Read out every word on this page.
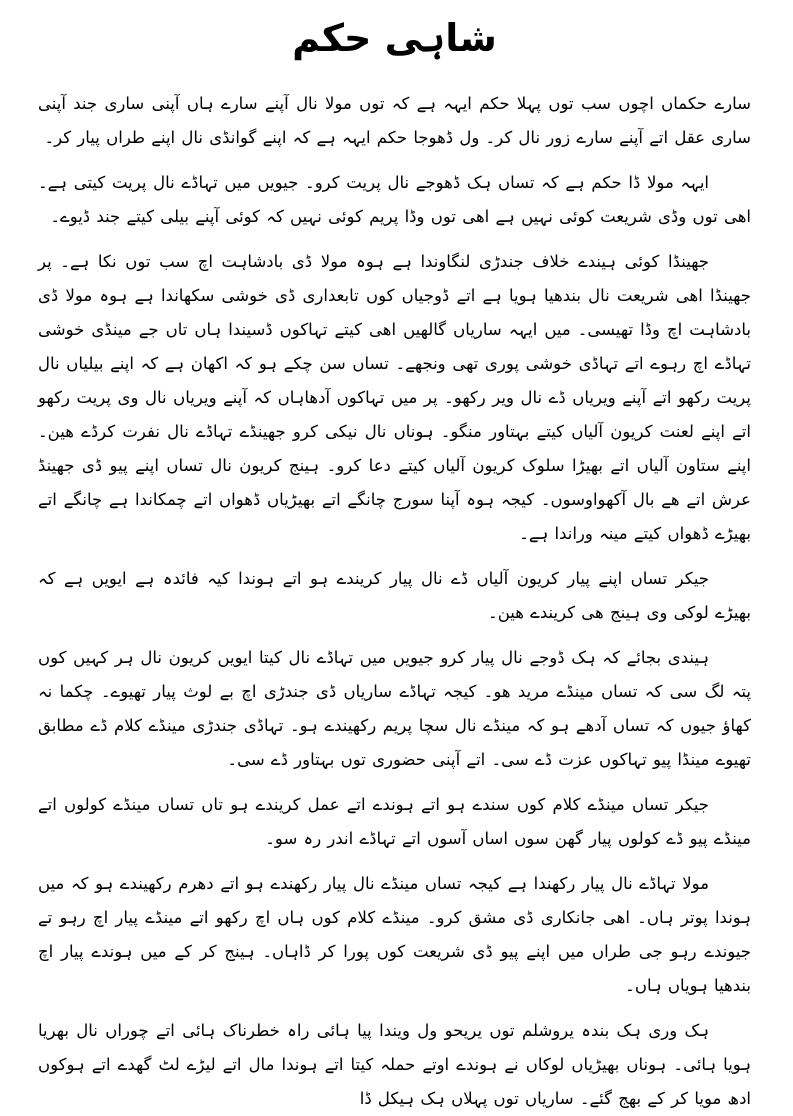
شاہی حکم

سارے حکماں اچوں سب توں پہلا حکم ایہہ ہے کہ توں مولا نال آپنے سارے ہاں آپنی ساری جند آپنی ساری عقل اتے آپنے سارے زور نال کر۔ ول ڈھوجا حکم ایہہ ہے کہ اپنے گوانڈی نال اپنے طراں پیار کر۔

ایہہ مولا ڈا حکم ہے کہ تساں ہک ڈھوجے نال پریت کرو۔ جیویں میں تہاڈے نال پریت کیتی ہے۔ اھی توں وڈی شریعت کوئی نہیں ہے اھی توں وڈا پریم کوئی نہیں کہ کوئی آپنے بیلی کیتے جند ڈیوے۔

جھینڈا کوئی ہیندے خلاف جندڑی لنگاوندا ہے ہوہ مولا ڈی بادشاہت اچ سب توں نکا ہے۔ پر جھینڈا اھی شریعت نال بندھیا ہویا ہے اتے ڈوجیاں کوں تابعداری ڈی خوشی سکھاندا ہے ہوہ مولا ڈی بادشاہت اچ وڈا تھیسی۔ میں ایہہ ساریاں گالھیں اھی کیتے تہاکوں ڈسیندا ہاں تاں جے مینڈی خوشی تہاڈے اچ رہوے اتے تہاڈی خوشی پوری تھی ونجھے۔ تساں سن چکے ہو کہ اکھان ہے کہ اپنے بیلیاں نال پریت رکھو اتے آپنے ویریاں ڈے نال ویر رکھو۔ پر میں تہاکوں آدھاہاں کہ آپنے ویریاں نال وی پریت رکھو اتے اپنے لعنت کریون آلیاں کیتے بہتاور منگو۔ ہوناں نال نیکی کرو جھینڈے تہاڈے نال نفرت کرڈے ھین۔ اپنے ستاون آلیاں اتے بھیڑا سلوک کریون آلیاں کیتے دعا کرو۔ ہینج کریون نال تساں اپنے پیو ڈی جھینڈ عرش اتے ھے بال آکھواوسوں۔ کیجہ ہوہ آپنا سورج چانگے اتے بھیڑیاں ڈھواں اتے چمکاندا ہے چانگے اتے بھیڑے ڈھواں کیتے مینہ وراندا ہے۔

جیکر تساں اپنے پیار کریون آلیاں ڈے نال پیار کریندے ہو اتے ہوندا کیہ فائدہ ہے ایویں ہے کہ بھیڑے لوکی وی ہینج ھی کریندے ھین۔

ہیندی بجائے کہ ہک ڈوجے نال پیار کرو جیویں میں تہاڈے نال کیتا ایویں کریون نال ہر کہیں کوں پتہ لگ سی کہ تساں مینڈے مرید ھو۔ کیجہ تہاڈے ساریاں ڈی جندڑی اچ بے لوث پیار تھیوے۔ چکما نہ کھاؤ جیوں کہ تساں آدھے ہو کہ مینڈے نال سچا پریم رکھیندے ہو۔ تہاڈی جندڑی مینڈے کلام ڈے مطابق تھیوے مینڈا پیو تہاکوں عزت ڈے سی۔ اتے آپنی حضوری توں بہتاور ڈے سی۔

جیکر تساں مینڈے کلام کوں سندے ہو اتے ہوندے اتے عمل کریندے ہو تاں تساں مینڈے کولوں اتے مینڈے پیو ڈے کولوں پیار گھن سوں اساں آسوں اتے تہاڈے اندر رہ سو۔

مولا تہاڈے نال پیار رکھندا ہے کیجہ تساں مینڈے نال پیار رکھندے ہو اتے دھرم رکھیندے ہو کہ میں ہوندا پوتر ہاں۔ اھی جانکاری ڈی مشق کرو۔ مینڈے کلام کوں ہاں اچ رکھو اتے مینڈے پیار اچ رہو تے جیوندے رہو جی طراں میں اپنے پیو ڈی شریعت کوں پورا کر ڈاہاں۔ ہینج کر کے میں ہوندے پیار اچ بندھیا ہویاں ہاں۔

ہک وری ہک بندہ یروشلم توں یریحو ول ویندا پیا ہائی راہ خطرناک ہائی اتے چوراں نال بھریا ہویا ہائی۔ ہوناں بھیڑیاں لوکاں نے ہوندے اوتے حملہ کیتا اتے ہوندا مال اتے لیڑے لٹ گھدے اتے ہوکوں ادھ مویا کر کے بھج گئے۔ ساریاں توں پہلاں ہک ہیکل ڈا
